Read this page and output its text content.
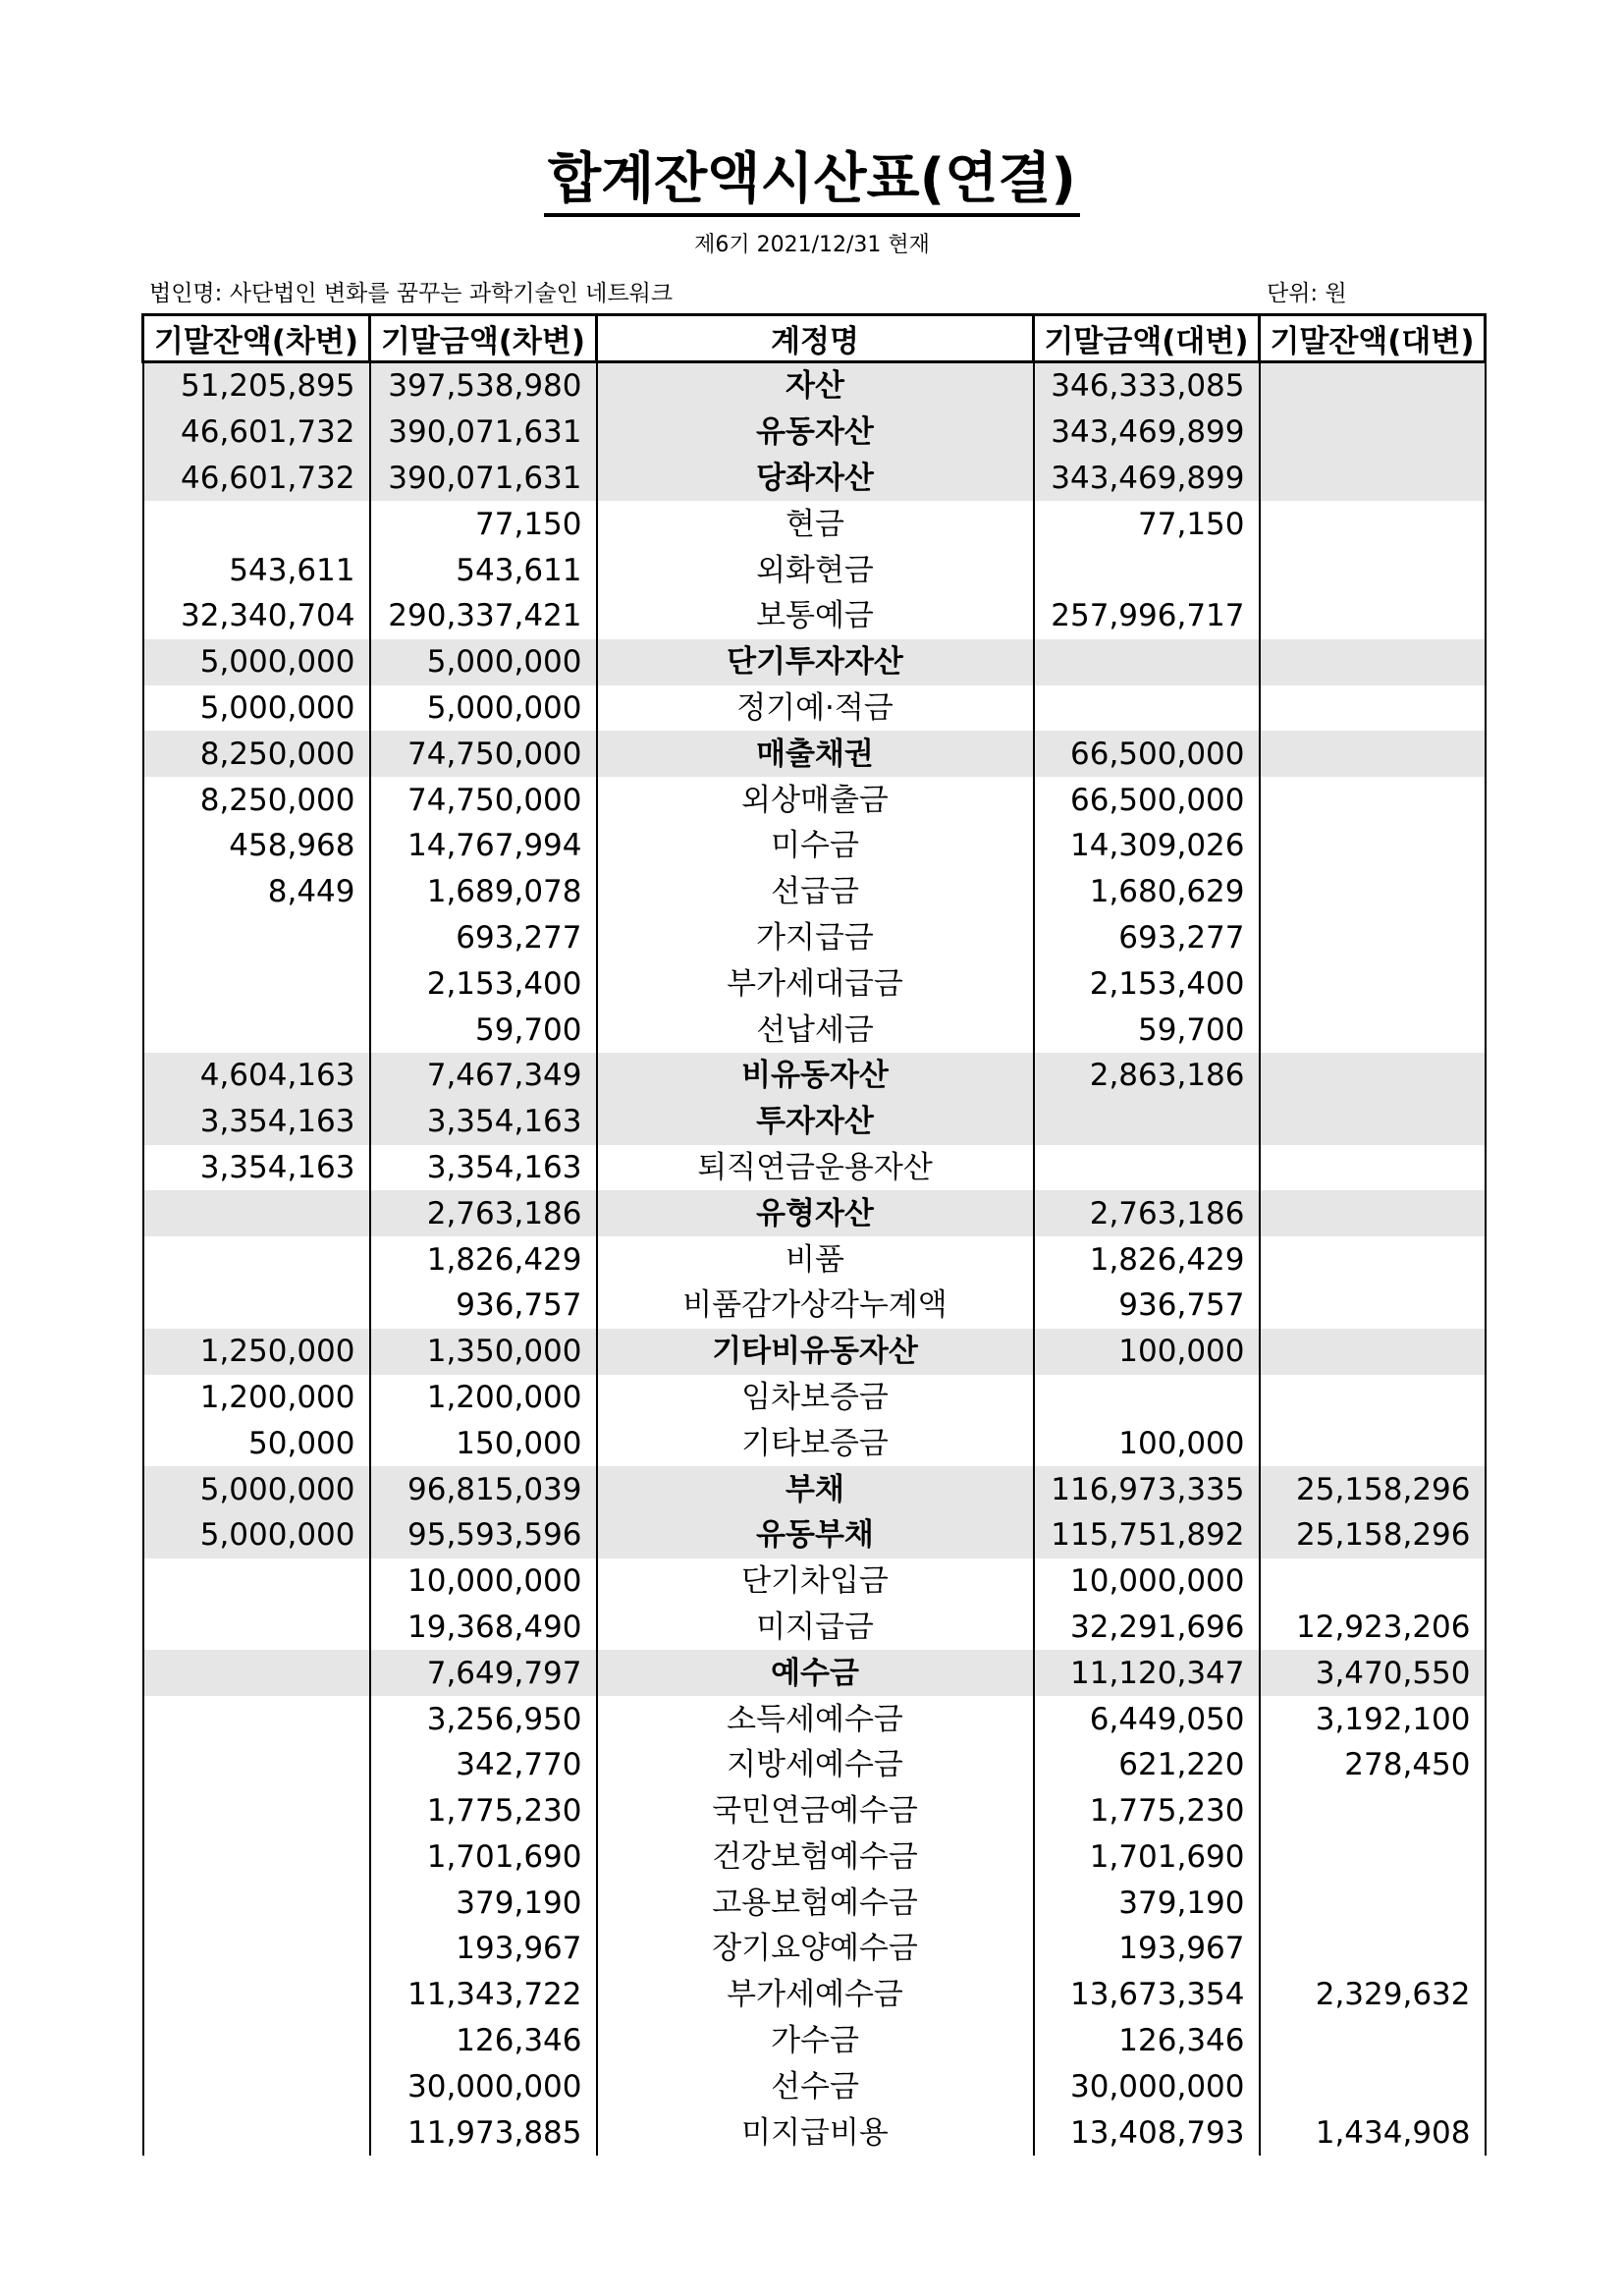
합계잔액시산표(연결)
제6기 2021/12/31 현재
법인명: 사단법인 변화를 꿈꾸는 과학기술인 네트워크	단위: 원
기말잔액(차변)	기말금액(차변)	계정명	기말금액(대변)	기말잔액(대변)
51,205,895	397,538,980	자산	346,333,085	
46,601,732	390,071,631	유동자산	343,469,899	
46,601,732	390,071,631	당좌자산	343,469,899	
	77,150	현금	77,150	
543,611	543,611	외화현금		
32,340,704	290,337,421	보통예금	257,996,717	
5,000,000	5,000,000	단기투자자산		
5,000,000	5,000,000	정기예·적금		
8,250,000	74,750,000	매출채권	66,500,000	
8,250,000	74,750,000	외상매출금	66,500,000	
458,968	14,767,994	미수금	14,309,026	
8,449	1,689,078	선급금	1,680,629	
	693,277	가지급금	693,277	
	2,153,400	부가세대급금	2,153,400	
	59,700	선납세금	59,700	
4,604,163	7,467,349	비유동자산	2,863,186	
3,354,163	3,354,163	투자자산		
3,354,163	3,354,163	퇴직연금운용자산		
	2,763,186	유형자산	2,763,186	
	1,826,429	비품	1,826,429	
	936,757	비품감가상각누계액	936,757	
1,250,000	1,350,000	기타비유동자산	100,000	
1,200,000	1,200,000	임차보증금		
50,000	150,000	기타보증금	100,000	
5,000,000	96,815,039	부채	116,973,335	25,158,296
5,000,000	95,593,596	유동부채	115,751,892	25,158,296
	10,000,000	단기차입금	10,000,000	
	19,368,490	미지급금	32,291,696	12,923,206
	7,649,797	예수금	11,120,347	3,470,550
	3,256,950	소득세예수금	6,449,050	3,192,100
	342,770	지방세예수금	621,220	278,450
	1,775,230	국민연금예수금	1,775,230	
	1,701,690	건강보험예수금	1,701,690	
	379,190	고용보험예수금	379,190	
	193,967	장기요양예수금	193,967	
	11,343,722	부가세예수금	13,673,354	2,329,632
	126,346	가수금	126,346	
	30,000,000	선수금	30,000,000	
	11,973,885	미지급비용	13,408,793	1,434,908
